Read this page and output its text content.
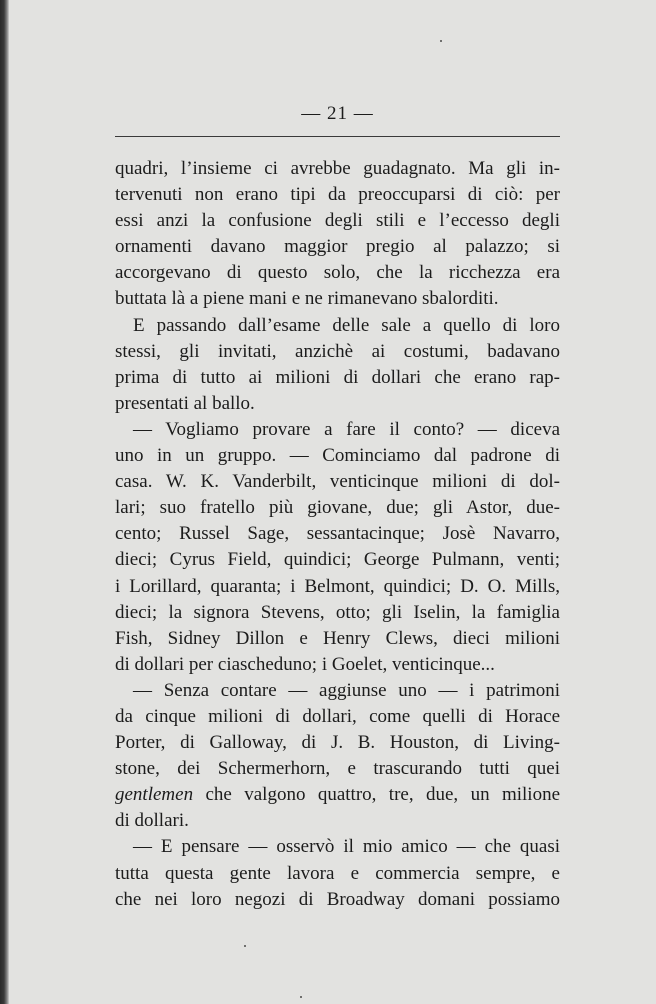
— 21 —
quadri, l’insieme ci avrebbe guadagnato. Ma gli in-
tervenuti non erano tipi da preoccuparsi di ciò: per
essi anzi la confusione degli stili e l’eccesso degli
ornamenti davano maggior pregio al palazzo; si
accorgevano di questo solo, che la ricchezza era
buttata là a piene mani e ne rimanevano sbalorditi.
E passando dall’esame delle sale a quello di loro
stessi, gli invitati, anzichè ai costumi, badavano
prima di tutto ai milioni di dollari che erano rap-
presentati al ballo.
— Vogliamo provare a fare il conto? — diceva
uno in un gruppo. — Cominciamo dal padrone di
casa. W. K. Vanderbilt, venticinque milioni di dol-
lari; suo fratello più giovane, due; gli Astor, due-
cento; Russel Sage, sessantacinque; Josè Navarro,
dieci; Cyrus Field, quindici; George Pulmann, venti;
i Lorillard, quaranta; i Belmont, quindici; D. O. Mills,
dieci; la signora Stevens, otto; gli Iselin, la famiglia
Fish, Sidney Dillon e Henry Clews, dieci milioni
di dollari per ciascheduno; i Goelet, venticinque...
— Senza contare — aggiunse uno — i patrimoni
da cinque milioni di dollari, come quelli di Horace
Porter, di Galloway, di J. B. Houston, di Living-
stone, dei Schermerhorn, e trascurando tutti quei
gentlemen che valgono quattro, tre, due, un milione
di dollari.
— E pensare — osservò il mio amico — che quasi
tutta questa gente lavora e commercia sempre, e
che nei loro negozi di Broadway domani possiamo
